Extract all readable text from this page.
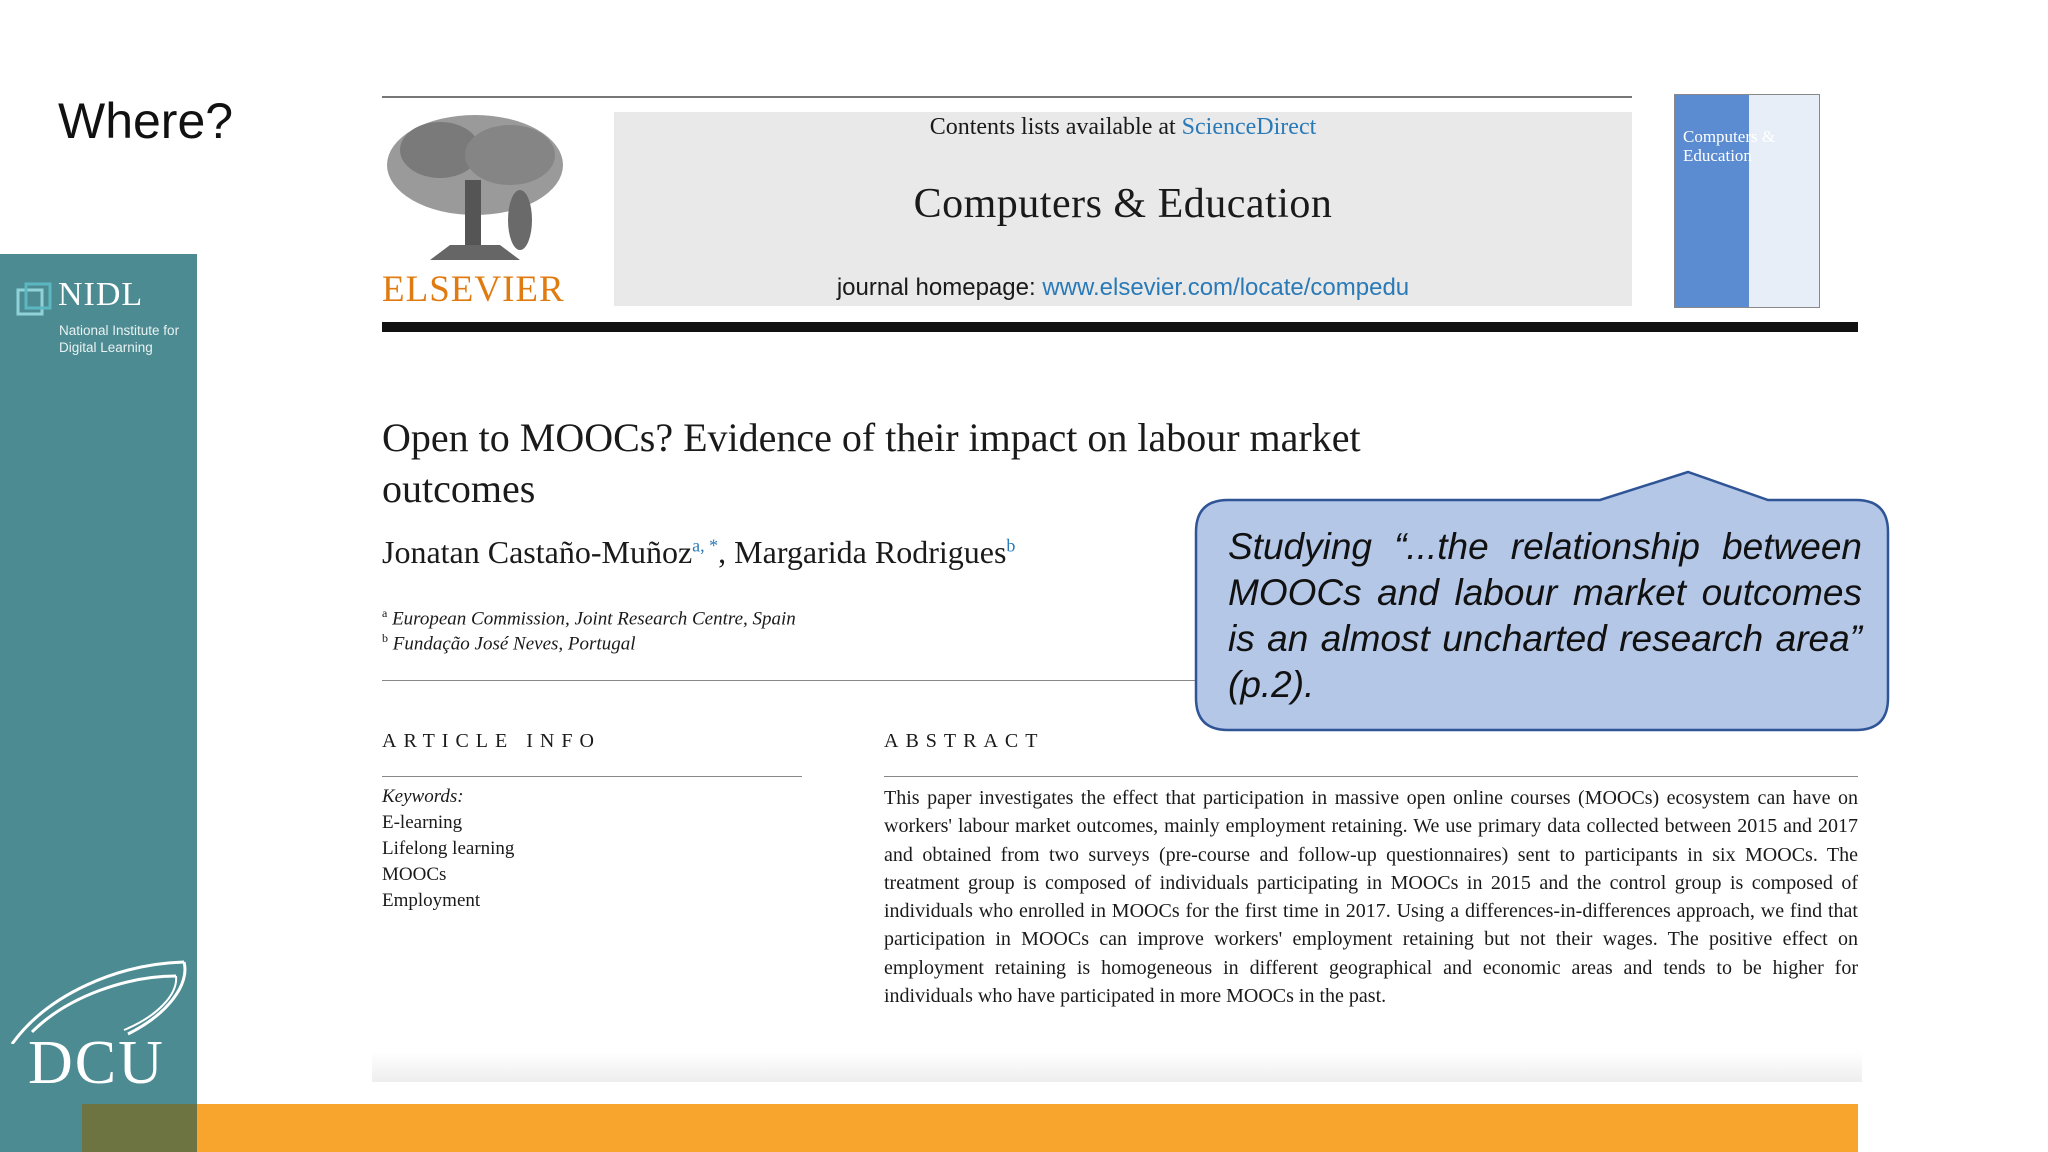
Where?
NIDL
National Institute for Digital Learning
DCU
ELSEVIER
Contents lists available at ScienceDirect
Computers & Education
journal homepage: www.elsevier.com/locate/compedu
Computers & Education
Open to MOOCs? Evidence of their impact on labour market outcomes
Jonatan Castaño-Muñoz$^{a, *}$, Margarida Rodrigues$^b$
$^a$ European Commission, Joint Research Centre, Spain
$^b$ Fundação José Neves, Portugal
ARTICLE INFO	ABSTRACT
Keywords:
E-learning
Lifelong learning
MOOCs
Employment
This paper investigates the effect that participation in massive open online courses (MOOCs) ecosystem can have on workers' labour market outcomes, mainly employment retaining. We use primary data collected between 2015 and 2017 and obtained from two surveys (pre-course and follow-up questionnaires) sent to participants in six MOOCs. The treatment group is composed of individuals participating in MOOCs in 2015 and the control group is composed of individuals who enrolled in MOOCs for the first time in 2017. Using a differences-in-differences approach, we find that participation in MOOCs can improve workers' employment retaining but not their wages. The positive effect on employment retaining is homogeneous in different geographical and economic areas and tends to be higher for individuals who have participated in more MOOCs in the past.
Studying “...the relationship between MOOCs and labour market outcomes is an almost uncharted research area” (p.2).
